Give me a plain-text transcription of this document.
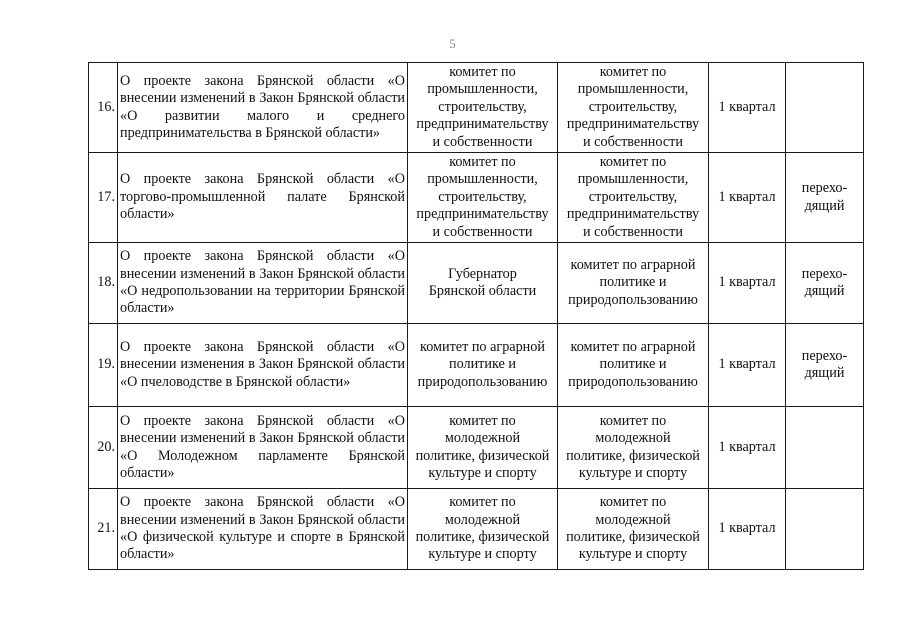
5
16.	О проекте закона Брянской области «О внесении изменений в Закон Брянской области «О развитии малого и среднего предпринимательства в Брянской области»	комитет по
промышленности,
строительству,
предпринимательству
и собственности	комитет по
промышленности,
строительству,
предпринимательству
и собственности	1 квартал	
17.	О проекте закона Брянской области «О торгово-промышленной палате Брянской области»	комитет по
промышленности,
строительству,
предпринимательству
и собственности	комитет по
промышленности,
строительству,
предпринимательству
и собственности	1 квартал	перехо-
дящий
18.	О проекте закона Брянской области «О внесении изменений в Закон Брянской области «О недропользовании на территории Брянской области»	Губернатор
Брянской области	комитет по аграрной
политике и
природопользованию	1 квартал	перехо-
дящий
19.	О проекте закона Брянской области «О внесении изменения в Закон Брянской области «О пчеловодстве в Брянской области»	комитет по аграрной
политике и
природопользованию	комитет по аграрной
политике и
природопользованию	1 квартал	перехо-
дящий
20.	О проекте закона Брянской области «О внесении изменений в Закон Брянской области «О Молодежном парламенте Брянской области»	комитет по
молодежной
политике, физической
культуре и спорту	комитет по
молодежной
политике, физической
культуре и спорту	1 квартал	
21.	О проекте закона Брянской области «О внесении изменений в Закон Брянской области «О физической культуре и спорте в Брянской области»	комитет по
молодежной
политике, физической
культуре и спорту	комитет по
молодежной
политике, физической
культуре и спорту	1 квартал	
